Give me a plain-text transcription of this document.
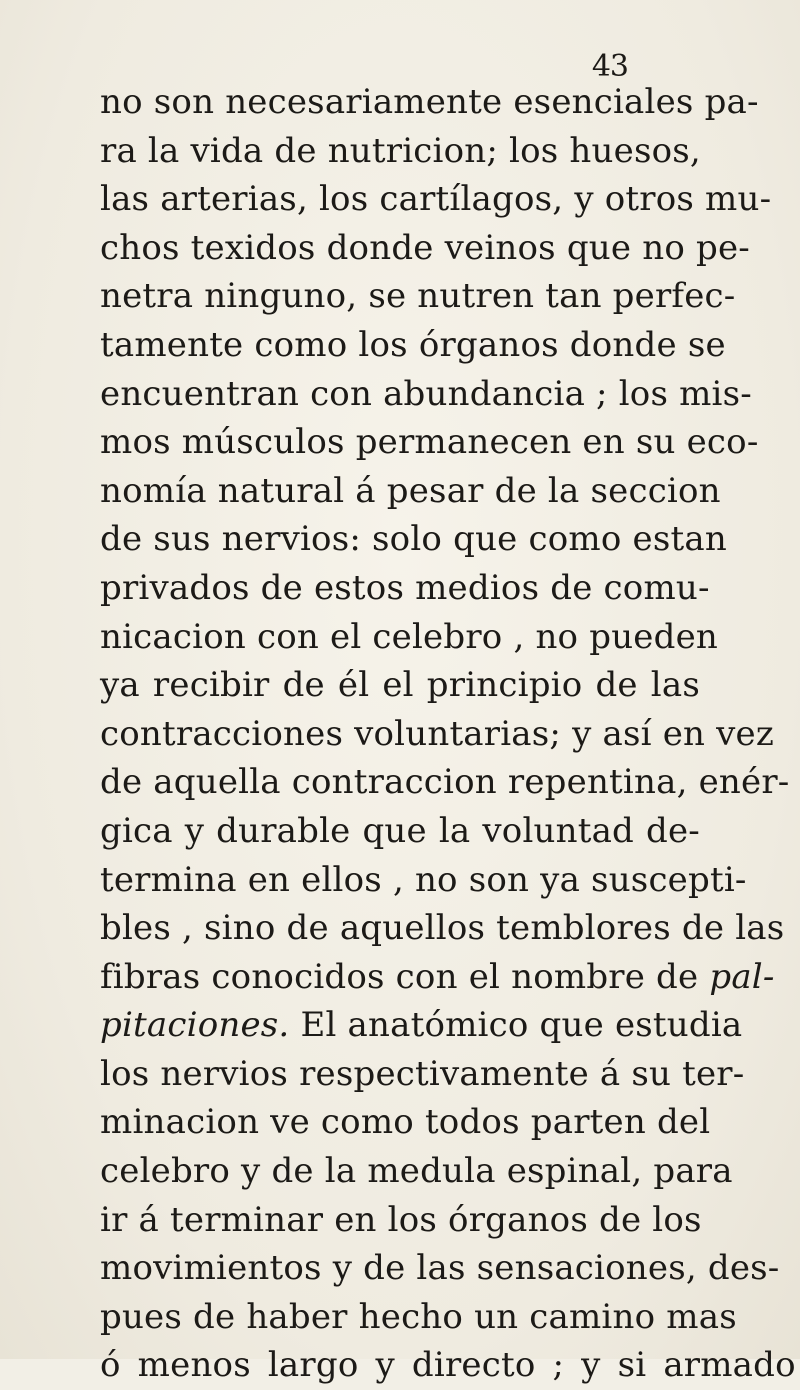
43
no son necesariamente esenciales pa-
ra la vida de nutricion; los huesos,
las arterias, los cartílagos, y otros mu-
chos texidos donde veinos que no pe-
netra ninguno, se nutren tan perfec-
tamente como los órganos donde se
encuentran con abundancia ; los mis-
mos músculos permanecen en su eco-
nomía natural á pesar de la seccion
de sus nervios: solo que como estan
privados de estos medios de comu-
nicacion con el celebro , no pueden
ya recibir de él el principio de las
contracciones voluntarias; y así en vez
de aquella contraccion repentina, enér-
gica y durable que la voluntad de-
termina en ellos , no son ya suscepti-
bles , sino de aquellos temblores de las
fibras conocidos con el nombre de pal-
pitaciones. El anatómico que estudia
los nervios respectivamente á su ter-
minacion ve como todos parten del
celebro y de la medula espinal, para
ir á terminar en los órganos de los
movimientos y de las sensaciones, des-
pues de haber hecho un camino mas
ó menos largo y directo ; y si armado
